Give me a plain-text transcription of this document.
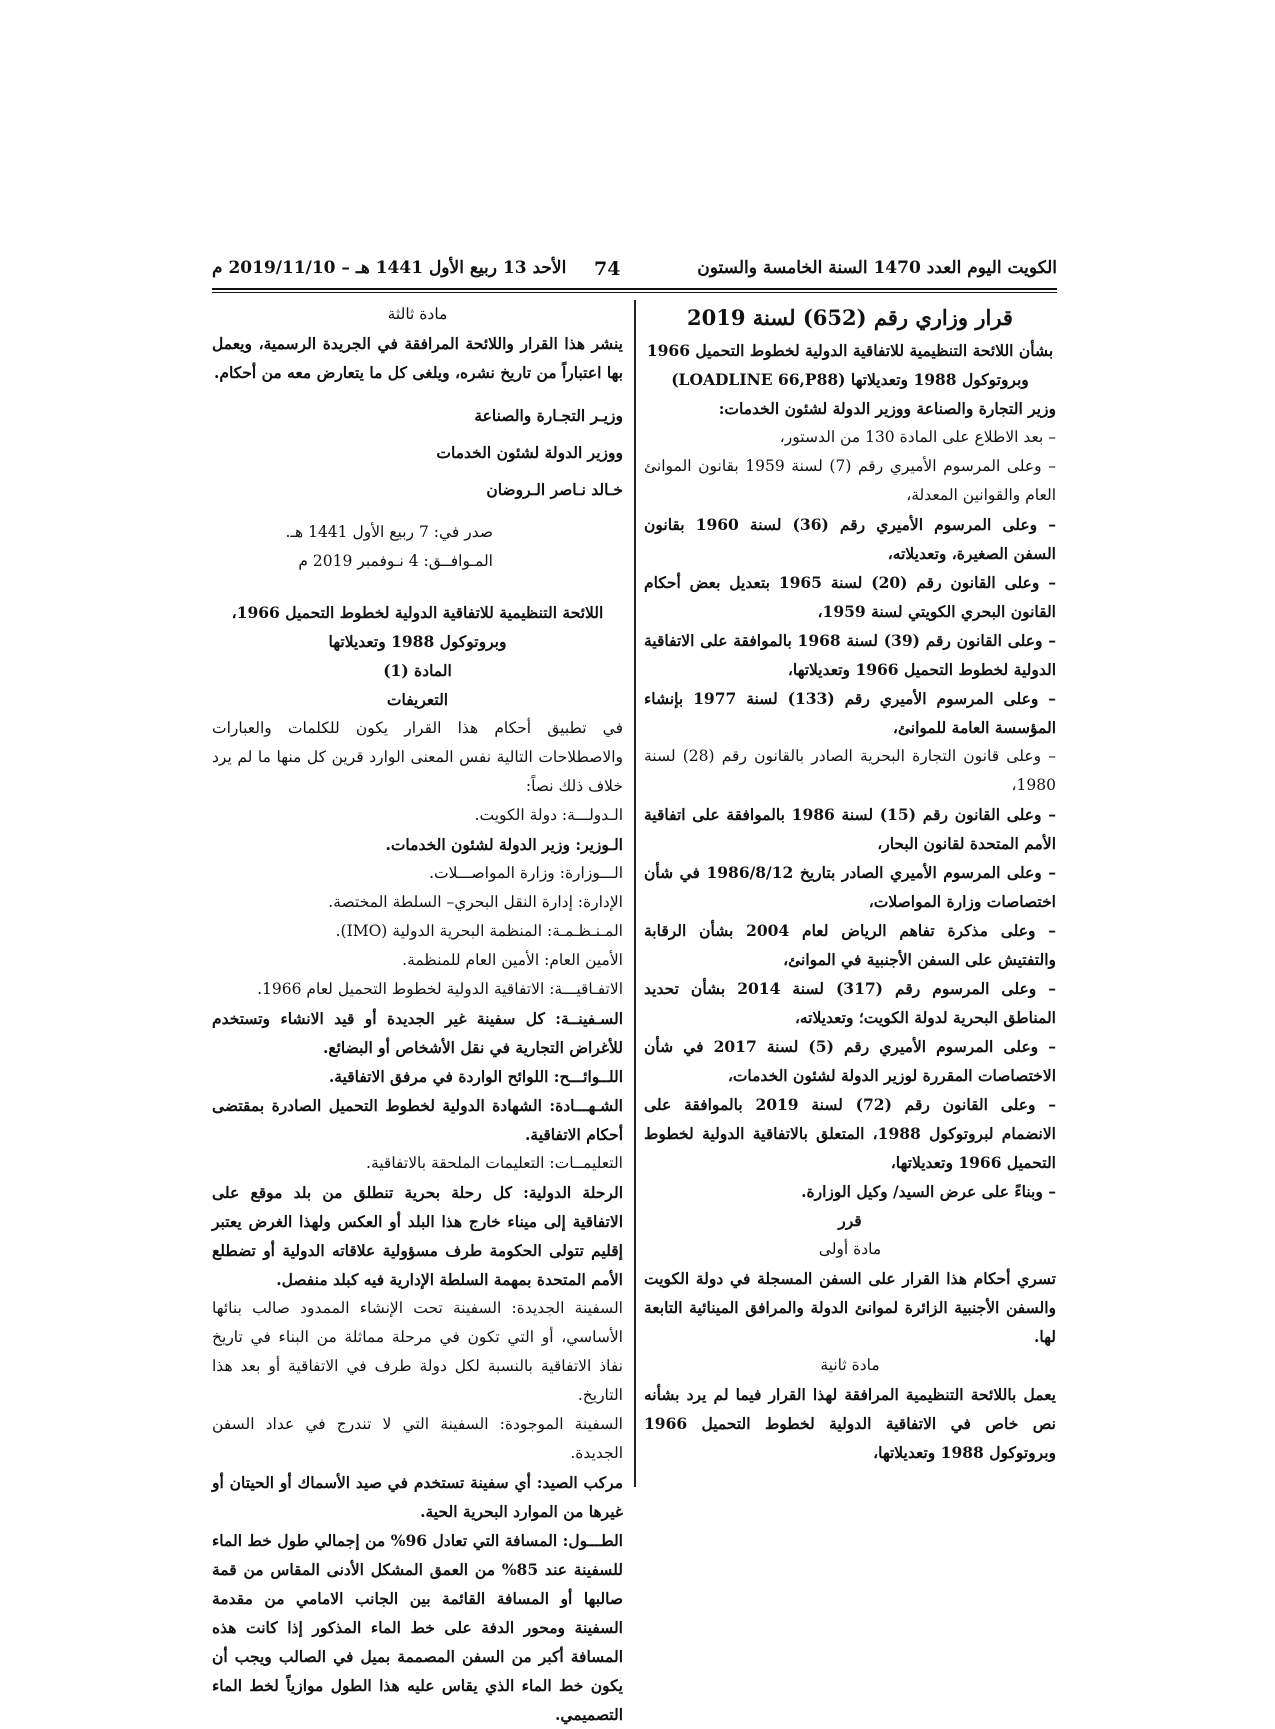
الكويت اليوم العدد 1470 السنة الخامسة والستون
74
الأحد 13 ربيع الأول 1441 هـ – 2019/11/10 م

قرار وزاري رقم (652) لسنة 2019

بشأن اللائحة التنظيمية للاتفاقية الدولية لخطوط التحميل 1966

وبروتوكول 1988 وتعديلاتها (LOADLINE 66,P88)

وزير التجارة والصناعة ووزير الدولة لشئون الخدمات:

– بعد الاطلاع على المادة 130 من الدستور،

– وعلى المرسوم الأميري رقم (7) لسنة 1959 بقانون الموانئ العام والقوانين المعدلة،

– وعلى المرسوم الأميري رقم (36) لسنة 1960 بقانون السفن الصغيرة، وتعديلاته،

– وعلى القانون رقم (20) لسنة 1965 بتعديل بعض أحكام القانون البحري الكويتي لسنة 1959،

– وعلى القانون رقم (39) لسنة 1968 بالموافقة على الاتفاقية الدولية لخطوط التحميل 1966 وتعديلاتها،

– وعلى المرسوم الأميري رقم (133) لسنة 1977 بإنشاء المؤسسة العامة للموانئ،

– وعلى قانون التجارة البحرية الصادر بالقانون رقم (28) لسنة 1980،

– وعلى القانون رقم (15) لسنة 1986 بالموافقة على اتفاقية الأمم المتحدة لقانون البحار،

– وعلى المرسوم الأميري الصادر بتاريخ 1986/8/12 في شأن اختصاصات وزارة المواصلات،

– وعلى مذكرة تفاهم الرياض لعام 2004 بشأن الرقابة والتفتيش على السفن الأجنبية في الموانئ،

– وعلى المرسوم رقم (317) لسنة 2014 بشأن تحديد المناطق البحرية لدولة الكويت؛ وتعديلاته،

– وعلى المرسوم الأميري رقم (5) لسنة 2017 في شأن الاختصاصات المقررة لوزير الدولة لشئون الخدمات،

– وعلى القانون رقم (72) لسنة 2019 بالموافقة على الانضمام لبروتوكول 1988، المتعلق بالاتفاقية الدولية لخطوط التحميل 1966 وتعديلاتها،

– وبناءً على عرض السيد/ وكيل الوزارة.

قرر

مادة أولى

تسري أحكام هذا القرار على السفن المسجلة في دولة الكويت والسفن الأجنبية الزائرة لموانئ الدولة والمرافق المينائية التابعة لها.

مادة ثانية

يعمل باللائحة التنظيمية المرافقة لهذا القرار فيما لم يرد بشأنه نص خاص في الاتفاقية الدولية لخطوط التحميل 1966 وبروتوكول 1988 وتعديلاتها،

مادة ثالثة

ينشر هذا القرار واللائحة المرافقة في الجريدة الرسمية، ويعمل بها اعتباراً من تاريخ نشره، ويلغى كل ما يتعارض معه من أحكام.

وزيـر التجـارة والصناعة

ووزير الدولة لشئون الخدمات

خـالد نـاصر الـروضان

صدر في: 7 ربيع الأول 1441 هـ.

المـوافــق: 4 نـوفمبر 2019 م

اللائحة التنظيمية للاتفاقية الدولية لخطوط التحميل 1966،

وبروتوكول 1988 وتعديلاتها

المادة (1)

التعريفات

في تطبيق أحكام هذا القرار يكون للكلمات والعبارات والاصطلاحات التالية نفس المعنى الوارد قرين كل منها ما لم يرد خلاف ذلك نصاً:

الـدولـــة: دولة الكويت.

الـوزير: وزير الدولة لشئون الخدمات.

الـــوزارة: وزارة المواصـــلات.

الإدارة: إدارة النقل البحري– السلطة المختصة.

المـنـظـمـة: المنظمة البحرية الدولية (IMO).

الأمين العام: الأمين العام للمنظمة.

الاتفـاقيـــة: الاتفاقية الدولية لخطوط التحميل لعام 1966.

السـفينــة: كل سفينة غير الجديدة أو قيد الانشاء وتستخدم للأغراض التجارية في نقل الأشخاص أو البضائع.

اللــوائـــح: اللوائح الواردة في مرفق الاتفاقية.

الشـهـــادة: الشهادة الدولية لخطوط التحميل الصادرة بمقتضى أحكام الاتفاقية.

التعليمــات: التعليمات الملحقة بالاتفاقية.

الرحلة الدولية: كل رحلة بحرية تنطلق من بلد موقع على الاتفاقية إلى ميناء خارج هذا البلد أو العكس ولهذا الغرض يعتبر إقليم تتولى الحكومة طرف مسؤولية علاقاته الدولية أو تضطلع الأمم المتحدة بمهمة السلطة الإدارية فيه كبلد منفصل.

السفينة الجديدة: السفينة تحت الإنشاء الممدود صالب بنائها الأساسي، أو التي تكون في مرحلة مماثلة من البناء في تاريخ نفاذ الاتفاقية بالنسبة لكل دولة طرف في الاتفاقية أو بعد هذا التاريخ.

السفينة الموجودة: السفينة التي لا تندرج في عداد السفن الجديدة.

مركب الصيد: أي سفينة تستخدم في صيد الأسماك أو الحيتان أو غيرها من الموارد البحرية الحية.

الطـــول: المسافة التي تعادل 96% من إجمالي طول خط الماء للسفينة عند 85% من العمق المشكل الأدنى المقاس من قمة صالبها أو المسافة القائمة بين الجانب الامامي من مقدمة السفينة ومحور الدفة على خط الماء المذكور إذا كانت هذه المسافة أكبر من السفن المصممة بميل في الصالب ويجب أن يكون خط الماء الذي يقاس عليه هذا الطول موازياً لخط الماء التصميمي.
